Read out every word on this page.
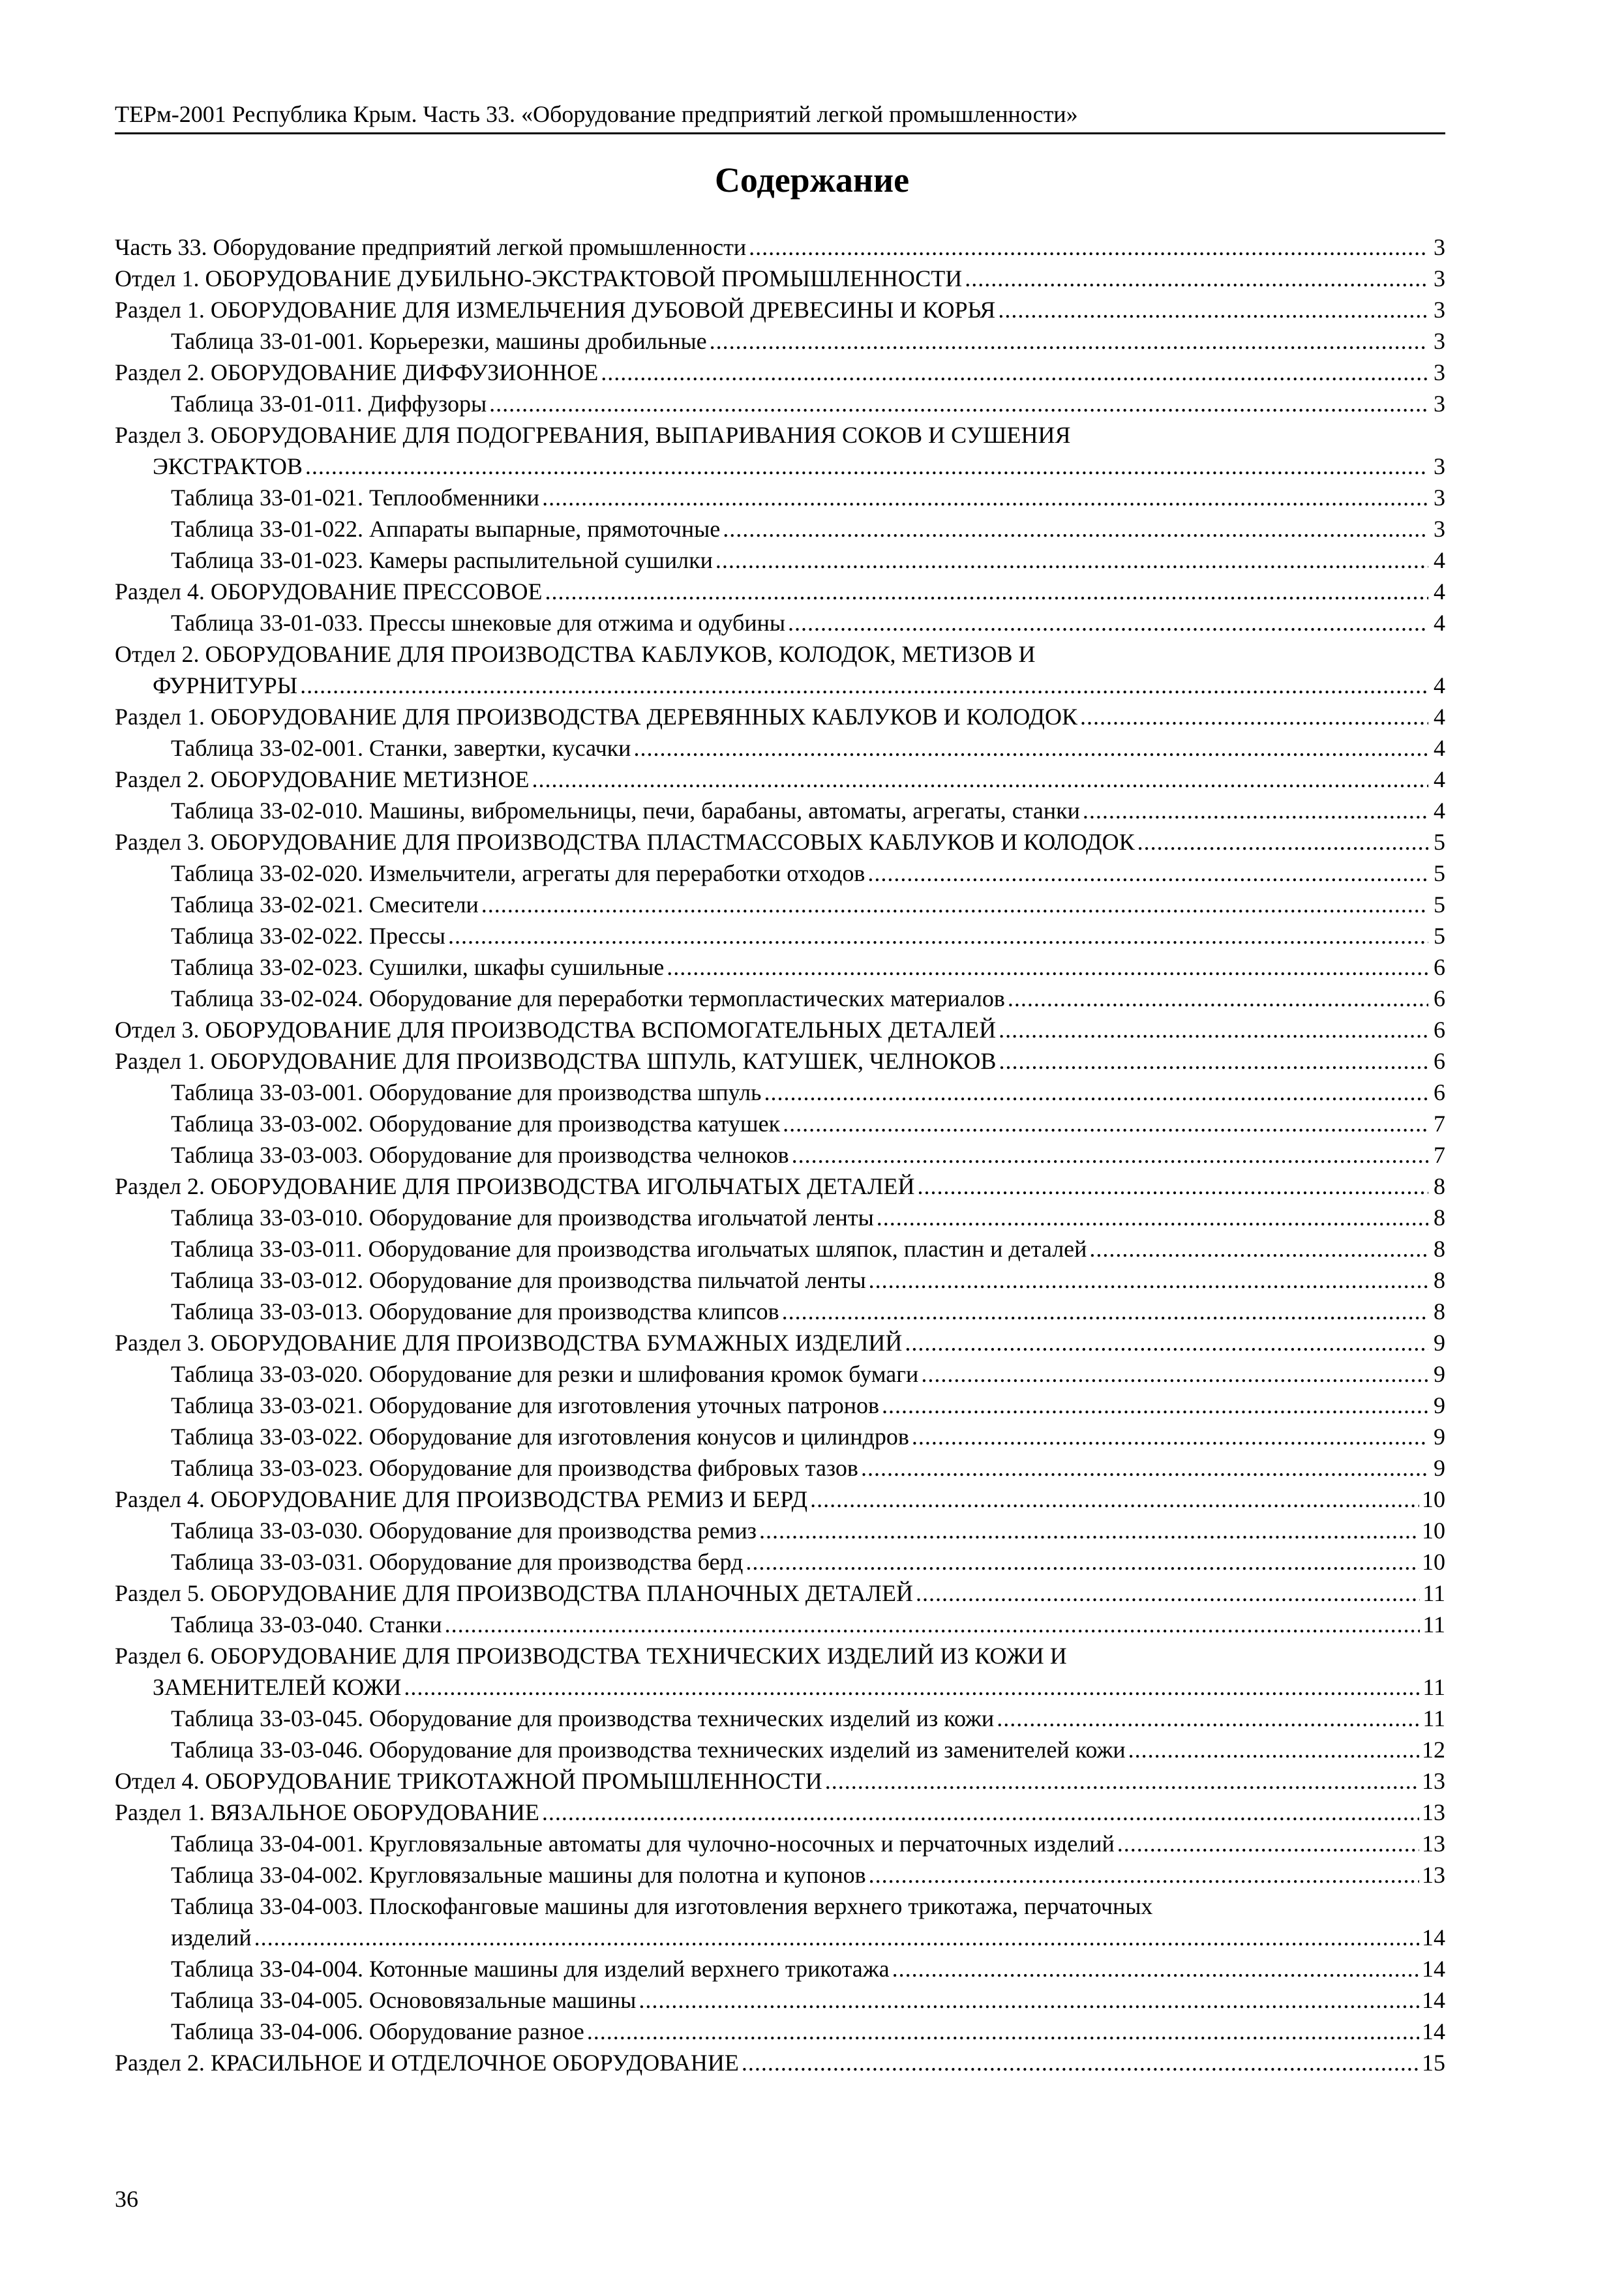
ТЕРм-2001 Республика Крым. Часть 33. «Оборудование предприятий легкой промышленности»
Содержание
Часть 33. Оборудование предприятий легкой промышленности .....	3
Отдел 1. ОБОРУДОВАНИЕ ДУБИЛЬНО-ЭКСТРАКТОВОЙ ПРОМЫШЛЕННОСТИ .....	3
Раздел 1. ОБОРУДОВАНИЕ ДЛЯ ИЗМЕЛЬЧЕНИЯ ДУБОВОЙ ДРЕВЕСИНЫ И КОРЬЯ .....	3
Таблица 33-01-001. Корьерезки, машины дробильные .....	3
Раздел 2. ОБОРУДОВАНИЕ ДИФФУЗИОННОЕ .....	3
Таблица 33-01-011. Диффузоры .....	3
Раздел 3. ОБОРУДОВАНИЕ ДЛЯ ПОДОГРЕВАНИЯ, ВЫПАРИВАНИЯ СОКОВ И СУШЕНИЯ
ЭКСТРАКТОВ .....	3
Таблица 33-01-021. Теплообменники .....	3
Таблица 33-01-022. Аппараты выпарные, прямоточные .....	3
Таблица 33-01-023. Камеры распылительной сушилки .....	4
Раздел 4. ОБОРУДОВАНИЕ ПРЕССОВОЕ .....	4
Таблица 33-01-033. Прессы шнековые для отжима и одубины .....	4
Отдел 2. ОБОРУДОВАНИЕ ДЛЯ ПРОИЗВОДСТВА КАБЛУКОВ, КОЛОДОК, МЕТИЗОВ И
ФУРНИТУРЫ .....	4
Раздел 1. ОБОРУДОВАНИЕ ДЛЯ ПРОИЗВОДСТВА ДЕРЕВЯННЫХ КАБЛУКОВ И КОЛОДОК .....	4
Таблица 33-02-001. Станки, завертки, кусачки .....	4
Раздел 2. ОБОРУДОВАНИЕ МЕТИЗНОЕ .....	4
Таблица 33-02-010. Машины, вибромельницы, печи, барабаны, автоматы, агрегаты, станки .....	4
Раздел 3. ОБОРУДОВАНИЕ ДЛЯ ПРОИЗВОДСТВА ПЛАСТМАССОВЫХ КАБЛУКОВ И КОЛОДОК .....	5
Таблица 33-02-020. Измельчители, агрегаты для переработки отходов .....	5
Таблица 33-02-021. Смесители .....	5
Таблица 33-02-022. Прессы .....	5
Таблица 33-02-023. Сушилки, шкафы сушильные .....	6
Таблица 33-02-024. Оборудование для переработки термопластических материалов .....	6
Отдел 3. ОБОРУДОВАНИЕ ДЛЯ ПРОИЗВОДСТВА ВСПОМОГАТЕЛЬНЫХ ДЕТАЛЕЙ .....	6
Раздел 1. ОБОРУДОВАНИЕ ДЛЯ ПРОИЗВОДСТВА ШПУЛЬ, КАТУШЕК, ЧЕЛНОКОВ .....	6
Таблица 33-03-001. Оборудование для производства шпуль .....	6
Таблица 33-03-002. Оборудование для производства катушек .....	7
Таблица 33-03-003. Оборудование для производства челноков .....	7
Раздел 2. ОБОРУДОВАНИЕ ДЛЯ ПРОИЗВОДСТВА ИГОЛЬЧАТЫХ ДЕТАЛЕЙ .....	8
Таблица 33-03-010. Оборудование для производства игольчатой ленты .....	8
Таблица 33-03-011. Оборудование для производства игольчатых шляпок, пластин и деталей .....	8
Таблица 33-03-012. Оборудование для производства пильчатой ленты .....	8
Таблица 33-03-013. Оборудование для производства клипсов .....	8
Раздел 3. ОБОРУДОВАНИЕ ДЛЯ ПРОИЗВОДСТВА БУМАЖНЫХ ИЗДЕЛИЙ .....	9
Таблица 33-03-020. Оборудование для резки и шлифования кромок бумаги .....	9
Таблица 33-03-021. Оборудование для изготовления уточных патронов .....	9
Таблица 33-03-022. Оборудование для изготовления конусов и цилиндров .....	9
Таблица 33-03-023. Оборудование для производства фибровых тазов .....	9
Раздел 4. ОБОРУДОВАНИЕ ДЛЯ ПРОИЗВОДСТВА РЕМИЗ И БЕРД .....	10
Таблица 33-03-030. Оборудование для производства ремиз .....	10
Таблица 33-03-031. Оборудование для производства берд .....	10
Раздел 5. ОБОРУДОВАНИЕ ДЛЯ ПРОИЗВОДСТВА ПЛАНОЧНЫХ ДЕТАЛЕЙ .....	11
Таблица 33-03-040. Станки .....	11
Раздел 6. ОБОРУДОВАНИЕ ДЛЯ ПРОИЗВОДСТВА ТЕХНИЧЕСКИХ ИЗДЕЛИЙ ИЗ КОЖИ И
ЗАМЕНИТЕЛЕЙ КОЖИ .....	11
Таблица 33-03-045. Оборудование для производства технических изделий из кожи .....	11
Таблица 33-03-046. Оборудование для производства технических изделий из заменителей кожи .....	12
Отдел 4. ОБОРУДОВАНИЕ ТРИКОТАЖНОЙ ПРОМЫШЛЕННОСТИ .....	13
Раздел 1. ВЯЗАЛЬНОЕ ОБОРУДОВАНИЕ .....	13
Таблица 33-04-001. Кругловязальные автоматы для чулочно-носочных и перчаточных изделий .....	13
Таблица 33-04-002. Кругловязальные машины для полотна и купонов .....	13
Таблица 33-04-003. Плоскофанговые машины для изготовления верхнего трикотажа, перчаточных
изделий .....	14
Таблица 33-04-004. Котонные машины для изделий верхнего трикотажа .....	14
Таблица 33-04-005. Основовязальные машины .....	14
Таблица 33-04-006. Оборудование разное .....	14
Раздел 2. КРАСИЛЬНОЕ И ОТДЕЛОЧНОЕ ОБОРУДОВАНИЕ .....	15
36
